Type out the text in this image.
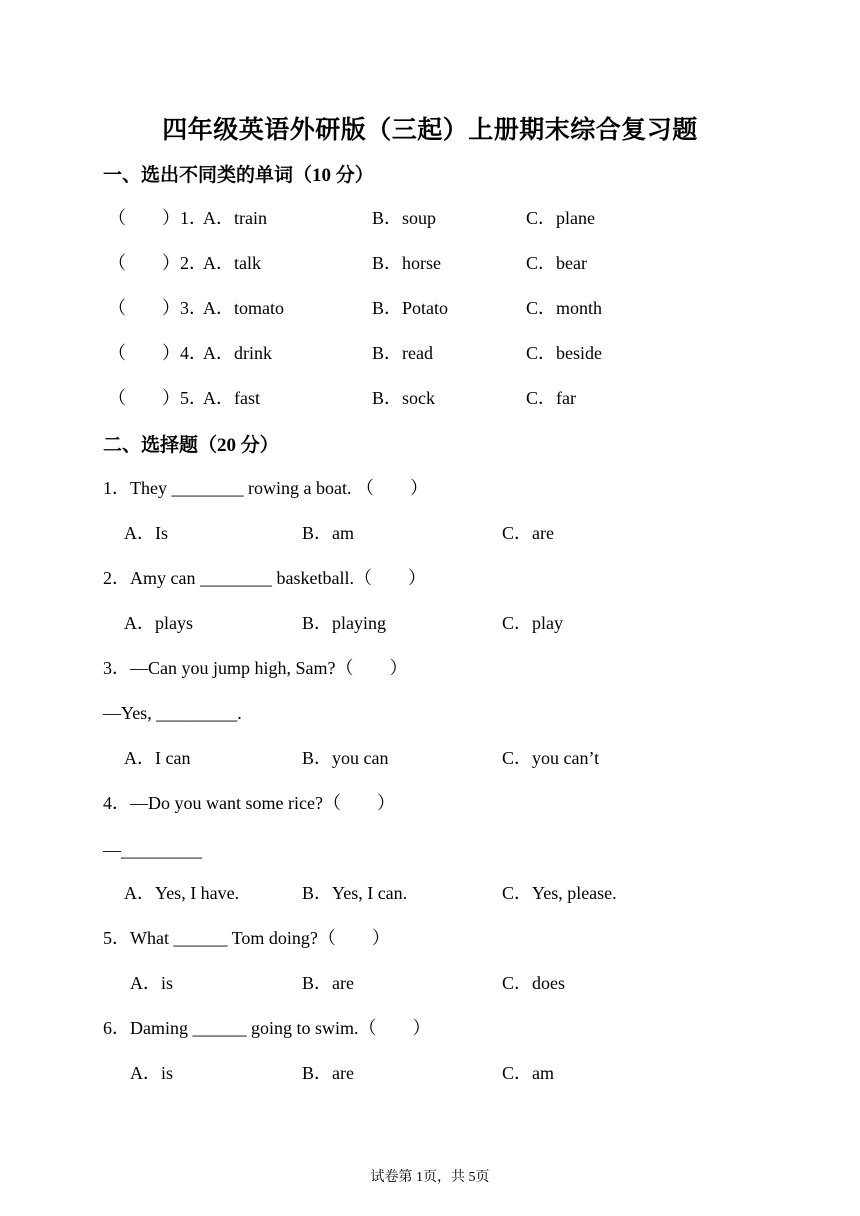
四年级英语外研版（三起）上册期末综合复习题
一、选出不同类的单词（10 分）
（　　）1．
A．train	B．soup	C．plane
（　　）2．
A．talk	B．horse	C．bear
（　　）3．
A．tomato	B．Potato	C．month
（　　）4．
A．drink	B．read	C．beside
（　　）5．
A．fast	B．sock	C．far
二、选择题（20 分）
1．They ________ rowing a boat. （　　）
A．Is	B．am	C．are
2．Amy can ________ basketball.（　　）
A．plays	B．playing	C．play
3．—Can you jump high, Sam?（　　）
—Yes, _________.
A．I can	B．you can	C．you can’t
4．—Do you want some rice?（　　）
—_________
A．Yes, I have.	B．Yes, I can.	C．Yes, please.
5．What ______ Tom doing?（　　）
A．is	B．are	C．does
6．Daming ______ going to swim.（　　）
A．is	B．are	C．am
试卷第 1页，共 5页
